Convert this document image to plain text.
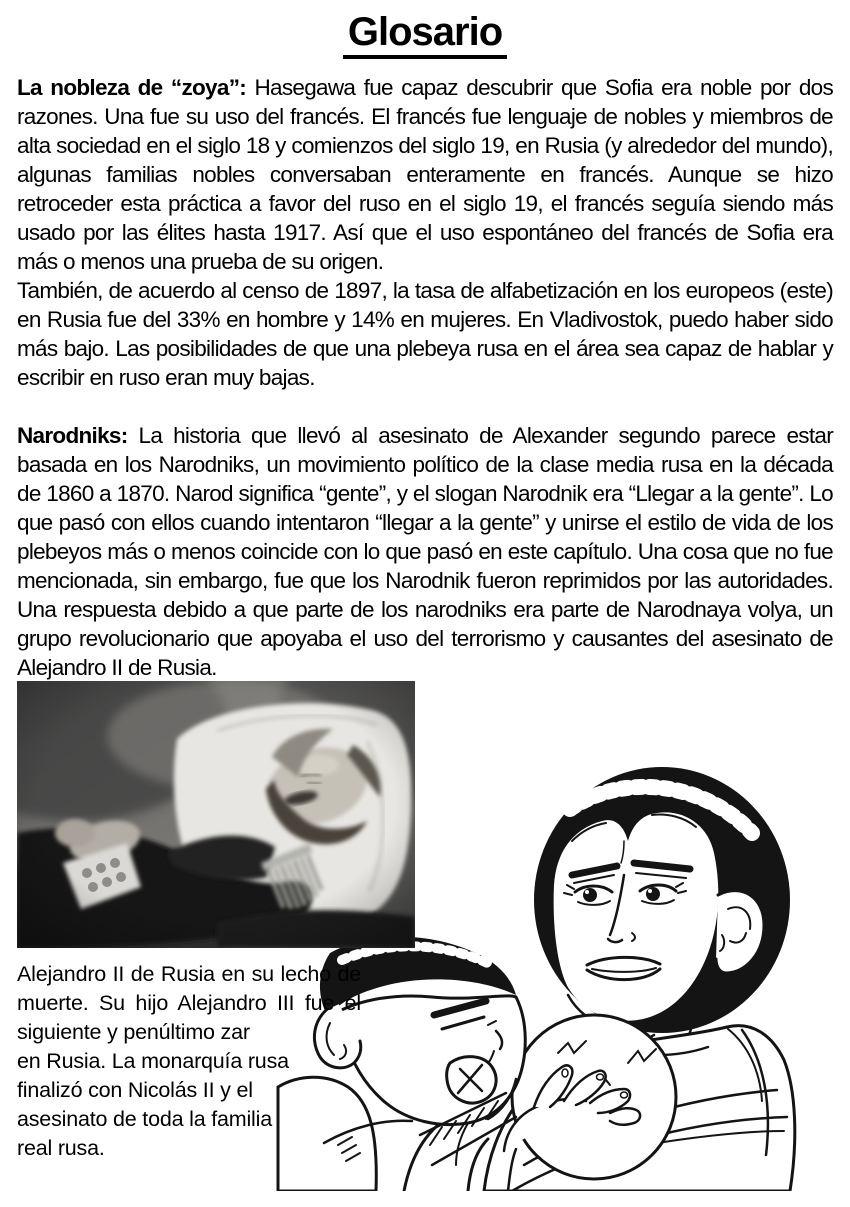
Glosario

La nobleza de “zoya”: Hasegawa fue capaz descubrir que Sofia era noble por dos razones. Una fue su uso del francés. El francés fue lenguaje de nobles y miembros de alta sociedad en el siglo 18 y comienzos del siglo 19, en Rusia (y alrededor del mundo), algunas familias nobles conversaban enteramente en francés. Aunque se hizo retroceder esta práctica a favor del ruso en el siglo 19, el francés seguía siendo más usado por las élites hasta 1917. Así que el uso espontáneo del francés de Sofia era más o menos una prueba de su origen.
También, de acuerdo al censo de 1897, la tasa de alfabetización en los europeos (este) en Rusia fue del 33% en hombre y 14% en mujeres. En Vladivostok, puedo haber sido más bajo. Las posibilidades de que una plebeya rusa en el área sea capaz de hablar y escribir en ruso eran muy bajas.

Narodniks: La historia que llevó al asesinato de Alexander segundo parece estar basada en los Narodniks, un movimiento político de la clase media rusa en la década de 1860 a 1870. Narod significa “gente”, y el slogan Narodnik era “Llegar a la gente”. Lo que pasó con ellos cuando intentaron “llegar a la gente” y unirse el estilo de vida de los plebeyos más o menos coincide con lo que pasó en este capítulo. Una cosa que no fue mencionada, sin embargo, fue que los Narodnik fueron reprimidos por las autoridades. Una respuesta debido a que parte de los narodniks era parte de Narodnaya volya, un grupo revolucionario que apoyaba el uso del terrorismo y causantes del asesinato de Alejandro II de Rusia.

Alejandro II de Rusia en su lecho de muerte. Su hijo Alejandro III fue el siguiente y penúltimo zar
en Rusia. La monarquía rusa finalizó con Nicolás II y el asesinato de toda la familia real rusa.
